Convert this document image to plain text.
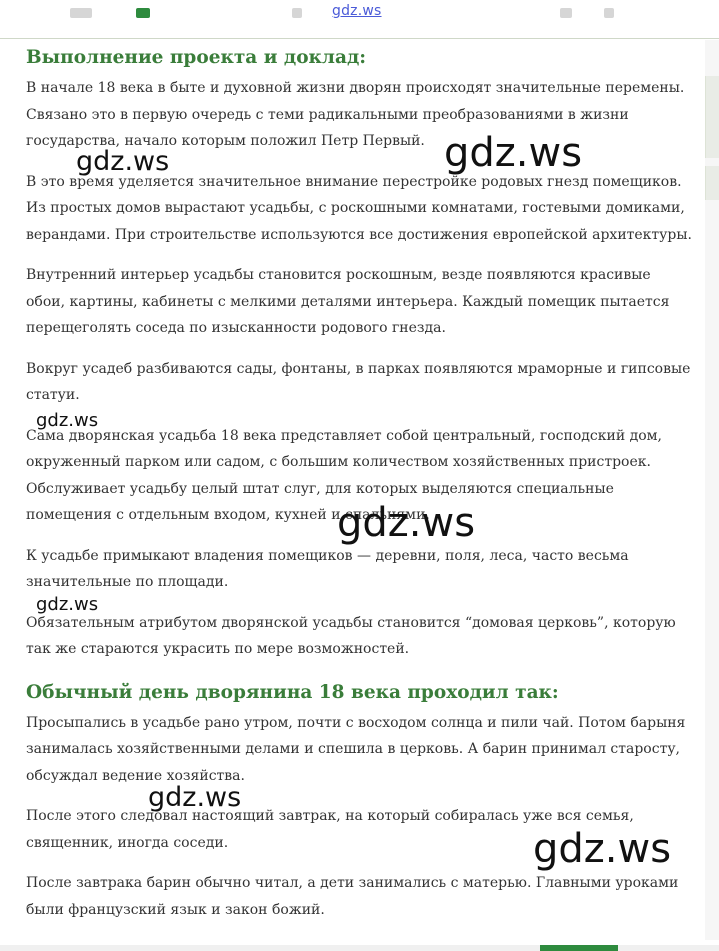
gdz.ws
Выполнение проекта и доклад:

В начале 18 века в быте и духовной жизни дворян происходят значительные перемены. Связано это в первую очередь с теми радикальными преобразованиями в жизни государства, начало которым положил Петр Первый.

В это время уделяется значительное внимание перестройке родовых гнезд помещиков. Из простых домов вырастают усадьбы, с роскошными комнатами, гостевыми домиками, верандами. При строительстве используются все достижения европейской архитектуры.

Внутренний интерьер усадьбы становится роскошным, везде появляются красивые обои, картины, кабинеты с мелкими деталями интерьера. Каждый помещик пытается перещеголять соседа по изысканности родового гнезда.

Вокруг усадеб разбиваются сады, фонтаны, в парках появляются мраморные и гипсовые статуи.

Сама дворянская усадьба 18 века представляет собой центральный, господский дом, окруженный парком или садом, с большим количеством хозяйственных пристроек. Обслуживает усадьбу целый штат слуг, для которых выделяются специальные помещения с отдельным входом, кухней и спальнями.

К усадьбе примыкают владения помещиков — деревни, поля, леса, часто весьма значительные по площади.

Обязательным атрибутом дворянской усадьбы становится “домовая церковь”, которую так же стараются украсить по мере возможностей.

Обычный день дворянина 18 века проходил так:

Просыпались в усадьбе рано утром, почти с восходом солнца и пили чай. Потом барыня занималась хозяйственными делами и спешила в церковь. А барин принимал старосту, обсуждал ведение хозяйства.

После этого следовал настоящий завтрак, на который собиралась уже вся семья, священник, иногда соседи.

После завтрака барин обычно читал, а дети занимались с матерью. Главными уроками были французский язык и закон божий.

gdz.ws	gdz.ws
gdz.ws
gdz.ws
gdz.ws
gdz.ws
gdz.ws
